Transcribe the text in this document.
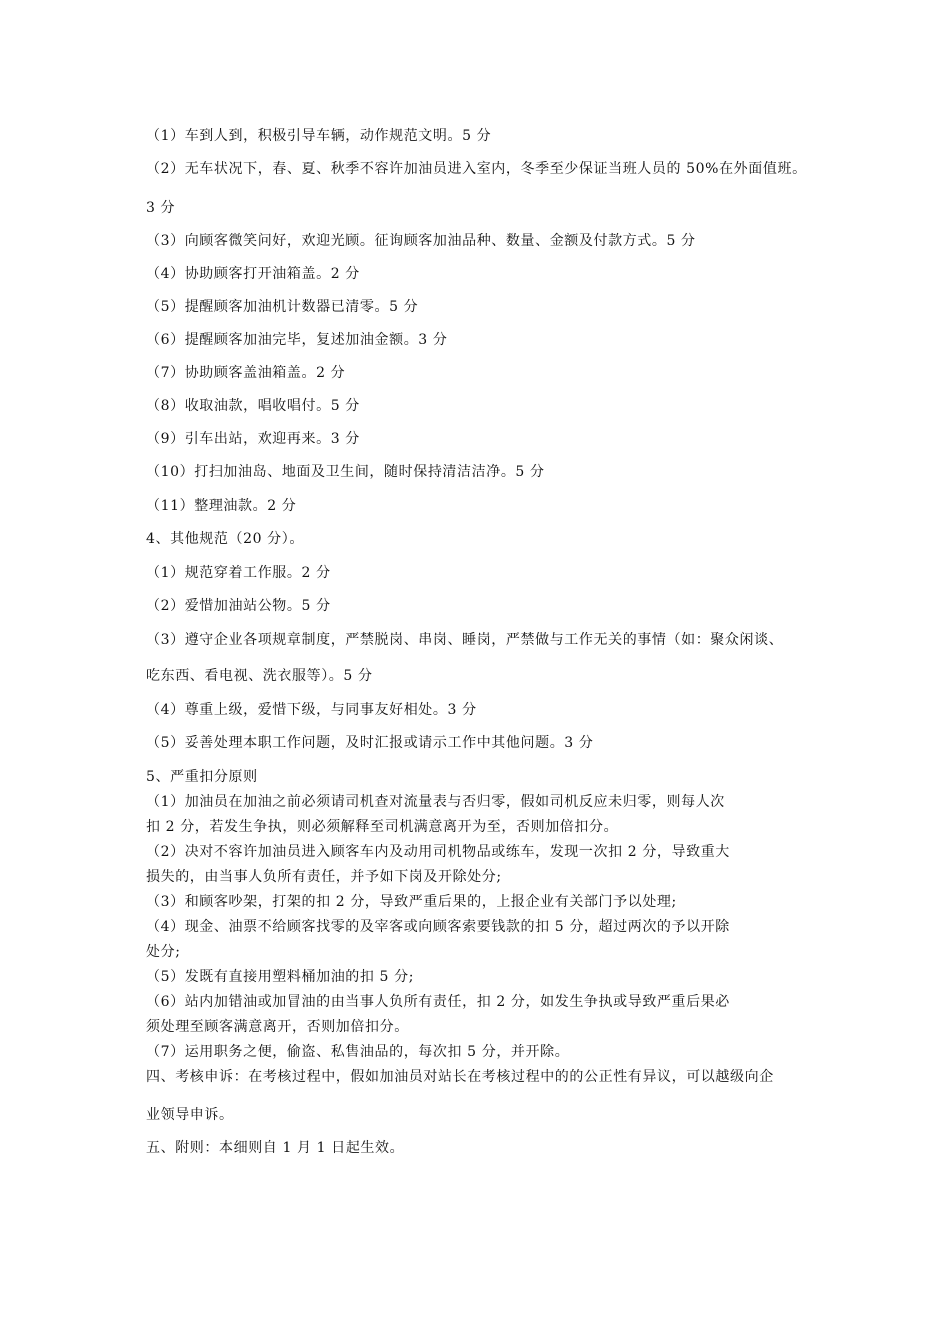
（1）车到人到，积极引导车辆，动作规范文明。5 分
（2）无车状况下，春、夏、秋季不容许加油员进入室内，冬季至少保证当班人员的 50%在外面值班。
3 分
（3）向顾客微笑问好，欢迎光顾。征询顾客加油品种、数量、金额及付款方式。5 分
（4）协助顾客打开油箱盖。2 分
（5）提醒顾客加油机计数器已清零。5 分
（6）提醒顾客加油完毕，复述加油金额。3 分
（7）协助顾客盖油箱盖。2 分
（8）收取油款，唱收唱付。5 分
（9）引车出站，欢迎再来。3 分
（10）打扫加油岛、地面及卫生间，随时保持清洁洁净。5 分
（11）整理油款。2 分
4、其他规范（20 分）。
（1）规范穿着工作服。2 分
（2）爱惜加油站公物。5 分
（3）遵守企业各项规章制度，严禁脱岗、串岗、睡岗，严禁做与工作无关的事情（如：聚众闲谈、
吃东西、看电视、洗衣服等）。5 分
（4）尊重上级，爱惜下级，与同事友好相处。3 分
（5）妥善处理本职工作问题，及时汇报或请示工作中其他问题。3 分
5、严重扣分原则
（1）加油员在加油之前必须请司机查对流量表与否归零，假如司机反应未归零，则每人次
扣 2 分，若发生争执，则必须解释至司机满意离开为至，否则加倍扣分。
（2）决对不容许加油员进入顾客车内及动用司机物品或练车，发现一次扣 2 分，导致重大
损失的，由当事人负所有责任，并予如下岗及开除处分;
（3）和顾客吵架，打架的扣 2 分，导致严重后果的，上报企业有关部门予以处理;
（4）现金、油票不给顾客找零的及宰客或向顾客索要钱款的扣 5 分，超过两次的予以开除
处分;
（5）发既有直接用塑料桶加油的扣 5 分;
（6）站内加错油或加冒油的由当事人负所有责任，扣 2 分，如发生争执或导致严重后果必
须处理至顾客满意离开，否则加倍扣分。
（7）运用职务之便，偷盗、私售油品的，每次扣 5 分，并开除。
四、考核申诉：在考核过程中，假如加油员对站长在考核过程中的的公正性有异议，可以越级向企
业领导申诉。
五、附则：本细则自 1 月 1 日起生效。
